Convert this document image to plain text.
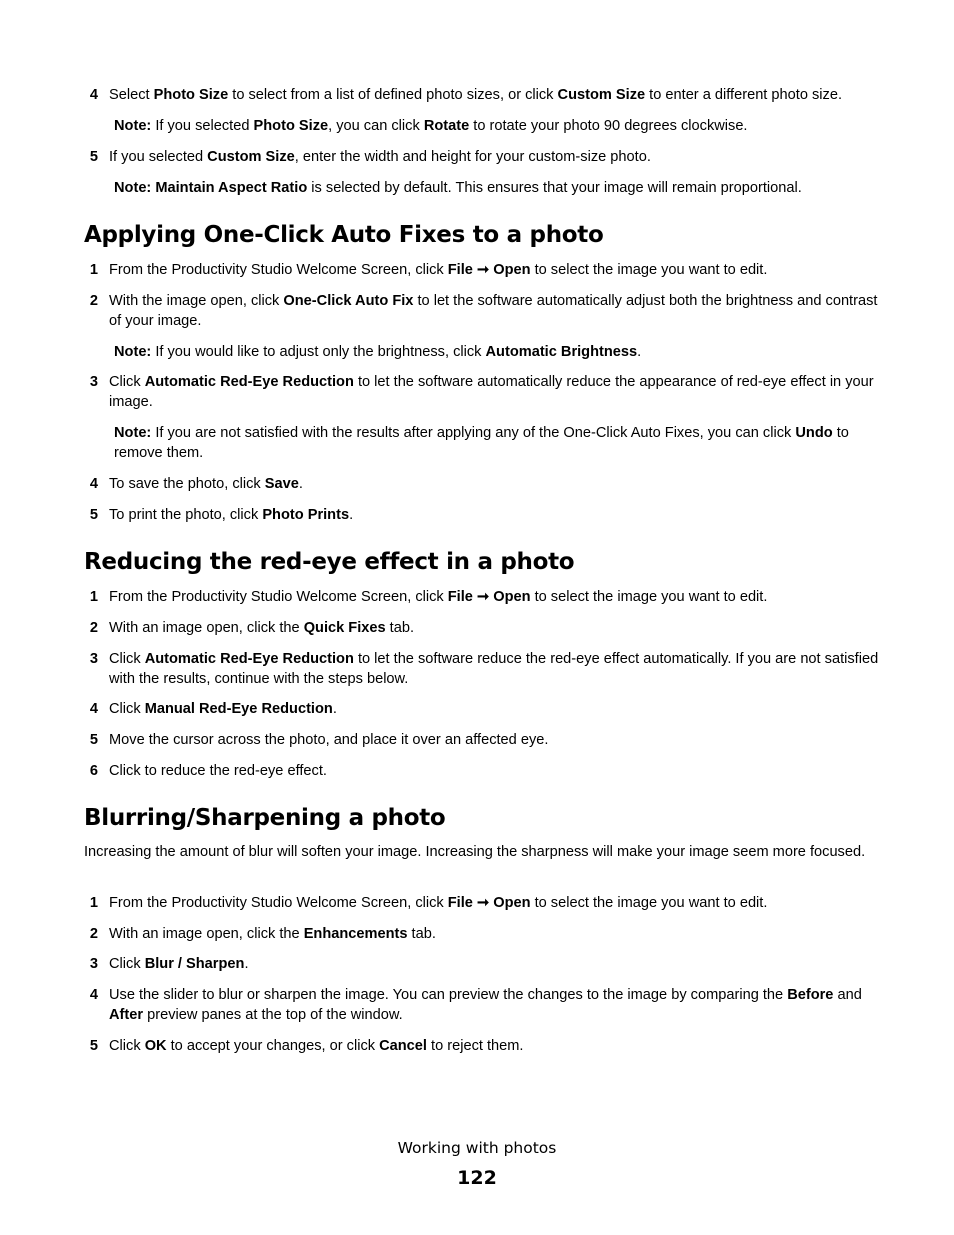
4 Select Photo Size to select from a list of defined photo sizes, or click Custom Size to enter a different photo size.
Note: If you selected Photo Size, you can click Rotate to rotate your photo 90 degrees clockwise.
5 If you selected Custom Size, enter the width and height for your custom-size photo.
Note: Maintain Aspect Ratio is selected by default. This ensures that your image will remain proportional.
Applying One-Click Auto Fixes to a photo
1 From the Productivity Studio Welcome Screen, click File ➞ Open to select the image you want to edit.
2 With the image open, click One-Click Auto Fix to let the software automatically adjust both the brightness and contrast of your image.
Note: If you would like to adjust only the brightness, click Automatic Brightness.
3 Click Automatic Red-Eye Reduction to let the software automatically reduce the appearance of red-eye effect in your image.
Note: If you are not satisfied with the results after applying any of the One-Click Auto Fixes, you can click Undo to remove them.
4 To save the photo, click Save.
5 To print the photo, click Photo Prints.
Reducing the red-eye effect in a photo
1 From the Productivity Studio Welcome Screen, click File ➞ Open to select the image you want to edit.
2 With an image open, click the Quick Fixes tab.
3 Click Automatic Red-Eye Reduction to let the software reduce the red-eye effect automatically. If you are not satisfied with the results, continue with the steps below.
4 Click Manual Red-Eye Reduction.
5 Move the cursor across the photo, and place it over an affected eye.
6 Click to reduce the red-eye effect.
Blurring/Sharpening a photo
Increasing the amount of blur will soften your image. Increasing the sharpness will make your image seem more focused.
1 From the Productivity Studio Welcome Screen, click File ➞ Open to select the image you want to edit.
2 With an image open, click the Enhancements tab.
3 Click Blur / Sharpen.
4 Use the slider to blur or sharpen the image. You can preview the changes to the image by comparing the Before and After preview panes at the top of the window.
5 Click OK to accept your changes, or click Cancel to reject them.
Working with photos
122
